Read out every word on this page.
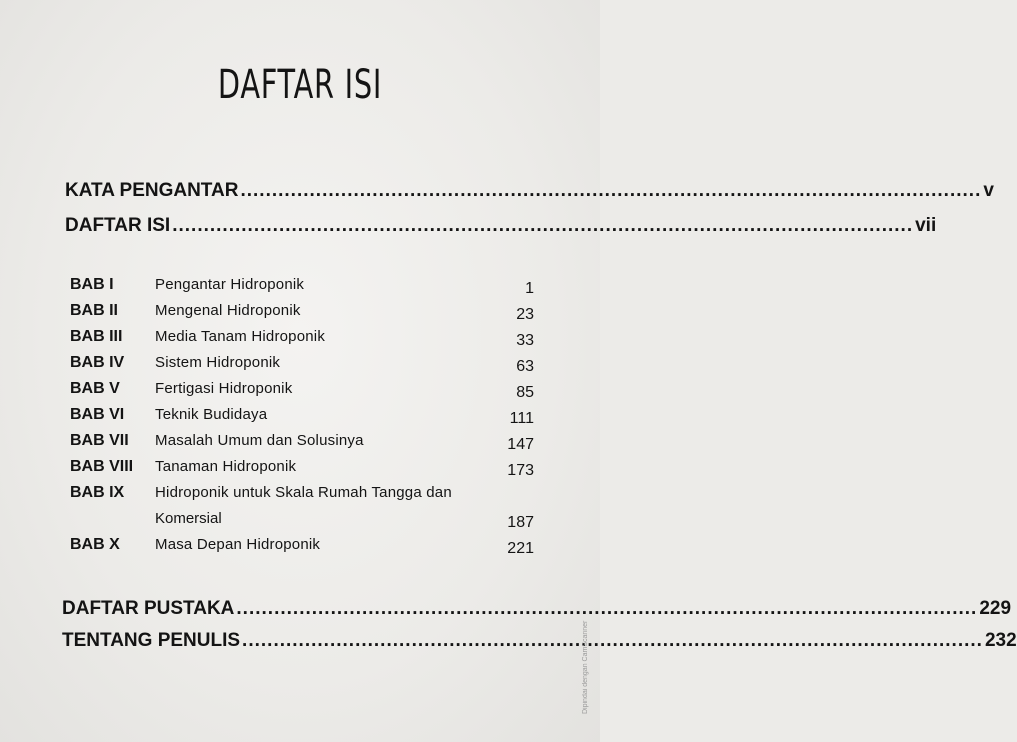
DAFTAR ISI
KATA PENGANTAR ...................................................................................................................... v
DAFTAR ISI ...................................................................................................................... vii
BAB I	Pengantar Hidroponik	1
BAB II Mengenal Hidroponik	23
BAB III Media Tanam Hidroponik	33
BAB IV Sistem Hidroponik	63
BAB V Fertigasi Hidroponik	85
BAB VI Teknik Budidaya	111
BAB VII Masalah Umum dan Solusinya	147
BAB VIII Tanaman Hidroponik	173
BAB IX Hidroponik untuk Skala Rumah Tangga dan
Komersial	187
BAB X Masa Depan Hidroponik	221
DAFTAR PUSTAKA ...................................................................................................................... 229
TENTANG PENULIS ...................................................................................................................... 232
Dipindai dengan CamScanner
